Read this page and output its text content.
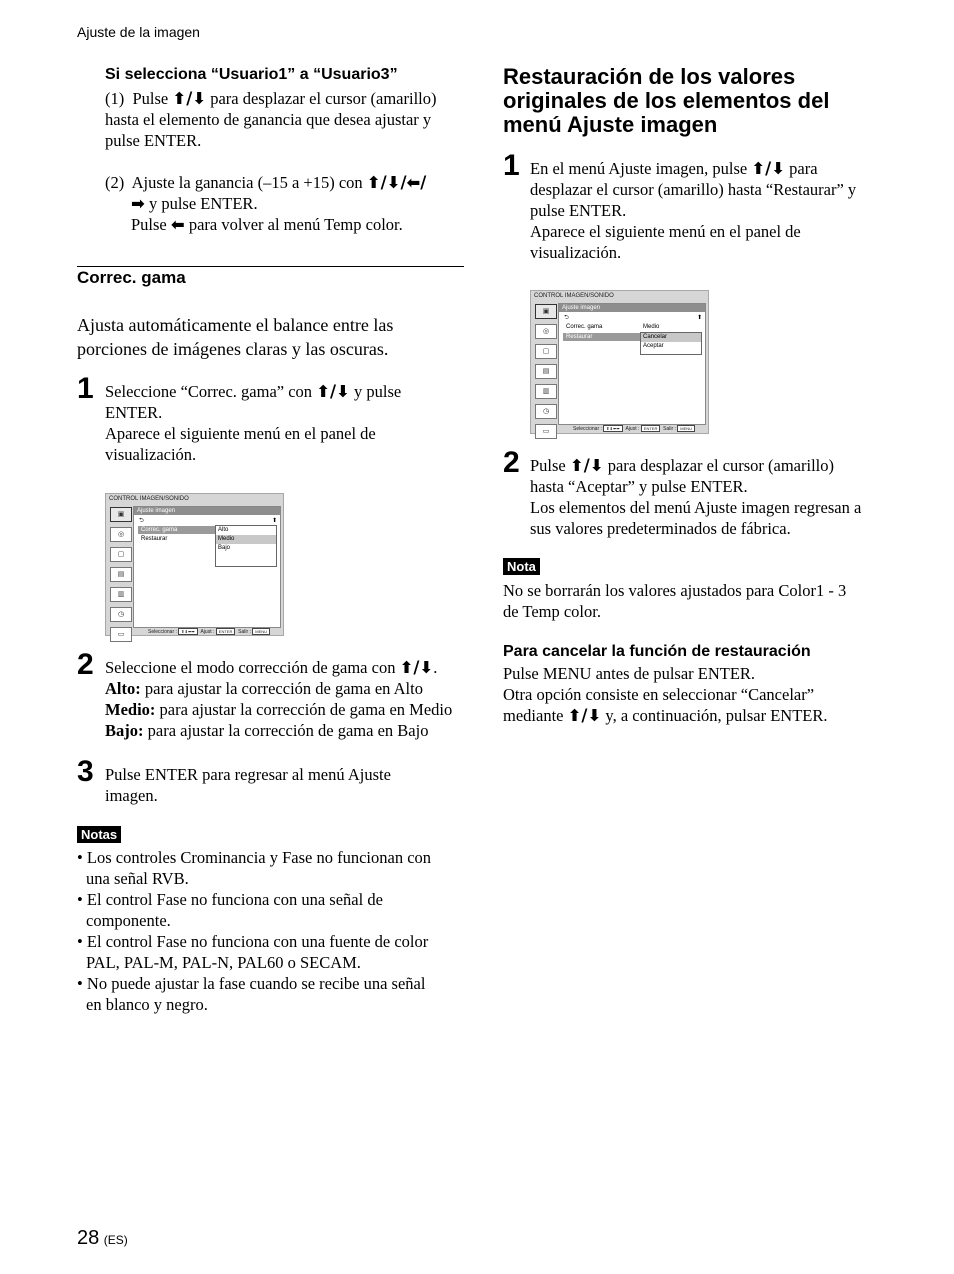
Ajuste de la imagen
Si selecciona “Usuario1” a “Usuario3”
(1) Pulse ⬆/⬇ para desplazar el cursor (amarillo)
hasta el elemento de ganancia que desea ajustar y
pulse ENTER.
(2) Ajuste la ganancia (–15 a +15) con ⬆/⬇/⬅/
➡ y pulse ENTER.
Pulse ⬅ para volver al menú Temp color.
Correc. gama
Ajusta automáticamente el balance entre las
porciones de imágenes claras y las oscuras.
1 Seleccione “Correc. gama” con ⬆/⬇ y pulse
ENTER.
Aparece el siguiente menú en el panel de
visualización.
CONTROL IMAGEN/SONIDO
▣
◎
▢
▤
▥
◷
▭
Ajuste imagen
⮌	⬆
Correc. gama
Restaurar
Alto
Medio
Bajo
Seleccionar : ⬆⬇⬅➡ Ajust : ENTER Salir : MENU
2 Seleccione el modo corrección de gama con ⬆/⬇.
Alto: para ajustar la corrección de gama en Alto
Medio: para ajustar la corrección de gama en Medio
Bajo: para ajustar la corrección de gama en Bajo
3 Pulse ENTER para regresar al menú Ajuste
imagen.
Notas
• Los controles Crominancia y Fase no funcionan con
una señal RVB.
• El control Fase no funciona con una señal de
componente.
• El control Fase no funciona con una fuente de color
PAL, PAL-M, PAL-N, PAL60 o SECAM.
• No puede ajustar la fase cuando se recibe una señal
en blanco y negro.
Restauración de los valores
originales de los elementos del
menú Ajuste imagen
1 En el menú Ajuste imagen, pulse ⬆/⬇ para
desplazar el cursor (amarillo) hasta “Restaurar” y
pulse ENTER.
Aparece el siguiente menú en el panel de
visualización.
CONTROL IMAGEN/SONIDO
▣
◎
▢
▤
▥
◷
▭
Ajuste imagen
⮌	⬆
Correc. gama	Medio
Restaurar	Cancelar
Aceptar
Seleccionar : ⬆⬇⬅➡ Ajust : ENTER Salir : MENU
2 Pulse ⬆/⬇ para desplazar el cursor (amarillo)
hasta “Aceptar” y pulse ENTER.
Los elementos del menú Ajuste imagen regresan a
sus valores predeterminados de fábrica.
Nota
No se borrarán los valores ajustados para Color1 - 3
de Temp color.
Para cancelar la función de restauración
Pulse MENU antes de pulsar ENTER.
Otra opción consiste en seleccionar “Cancelar”
mediante ⬆/⬇ y, a continuación, pulsar ENTER.
28 (ES)
